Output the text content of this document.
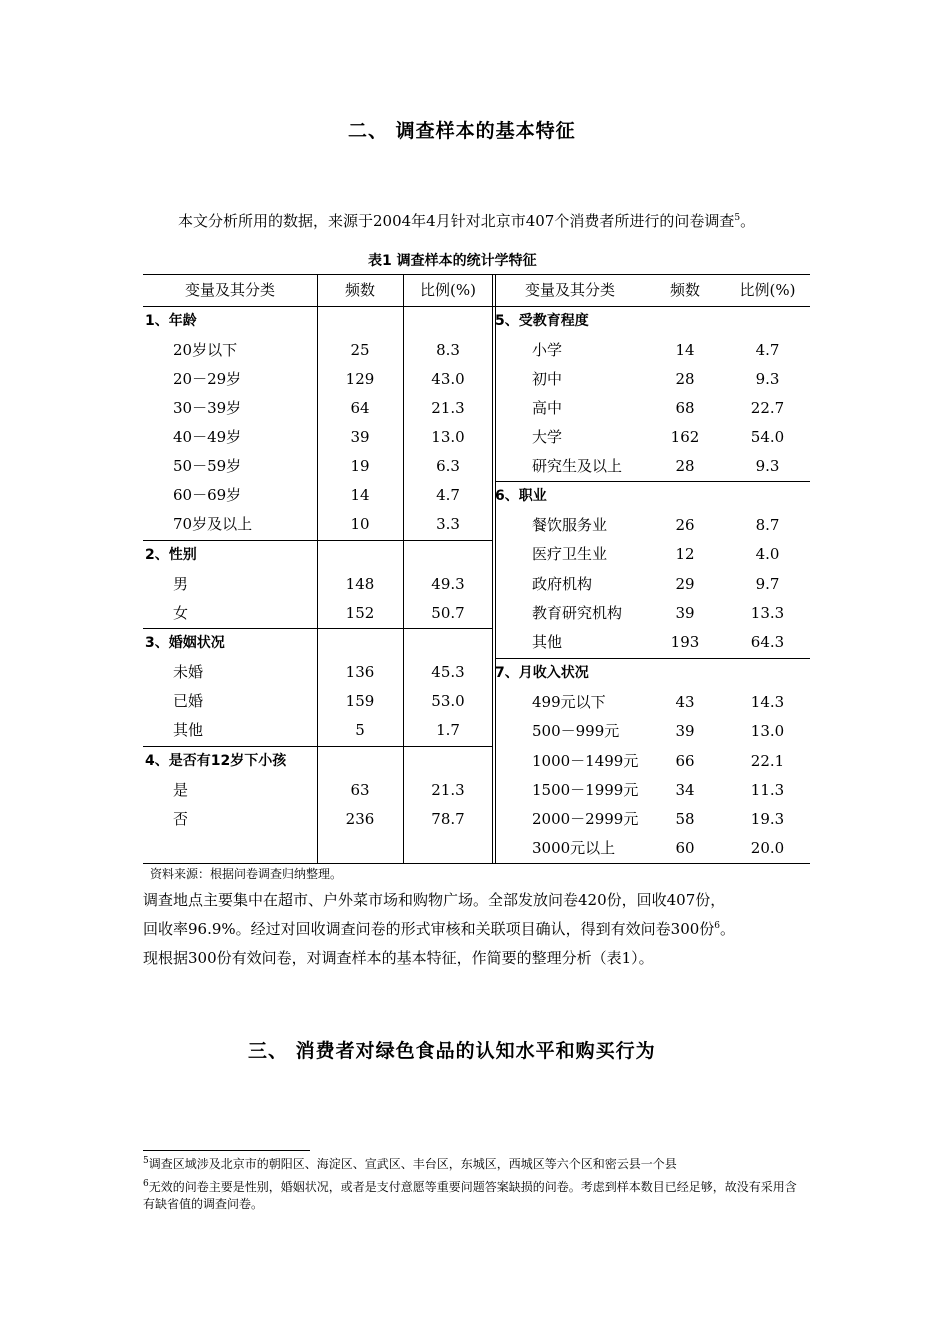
二、 调查样本的基本特征
本文分析所用的数据，来源于2004年4月针对北京市407个消费者所进行的问卷调查$^5$。
表1 调查样本的统计学特征
变量及其分类	频数	比例(%)	变量及其分类	频数	比例(%)
1、年龄
20岁以下	25	8.3
20－29岁	129	43.0
30－39岁	64	21.3
40－49岁	39	13.0
50－59岁	19	6.3
60－69岁	14	4.7
70岁及以上	10	3.3
2、性别
男	148	49.3
女	152	50.7
3、婚姻状况
未婚	136	45.3
已婚	159	53.0
其他	5	1.7
4、是否有12岁下小孩
是	63	21.3
否	236	78.7
5、受教育程度
小学	14	4.7
初中	28	9.3
高中	68	22.7
大学	162	54.0
研究生及以上	28	9.3
6、职业
餐饮服务业	26	8.7
医疗卫生业	12	4.0
政府机构	29	9.7
教育研究机构	39	13.3
其他	193	64.3
7、月收入状况
499元以下	43	14.3
500－999元	39	13.0
1000－1499元	66	22.1
1500－1999元	34	11.3
2000－2999元	58	19.3
3000元以上	60	20.0
资料来源：根据问卷调查归纳整理。
调查地点主要集中在超市、户外菜市场和购物广场。全部发放问卷420份，回收407份，
回收率96.9%。经过对回收调查问卷的形式审核和关联项目确认，得到有效问卷300份$^6$。
现根据300份有效问卷，对调查样本的基本特征，作简要的整理分析（表1）。
三、 消费者对绿色食品的认知水平和购买行为
$^5$调查区域涉及北京市的朝阳区、海淀区、宣武区、丰台区，东城区，西城区等六个区和密云县一个县
$^6$无效的问卷主要是性别，婚姻状况，或者是支付意愿等重要问题答案缺损的问卷。考虑到样本数目已经足够，故没有采用含有缺省值的调查问卷。
